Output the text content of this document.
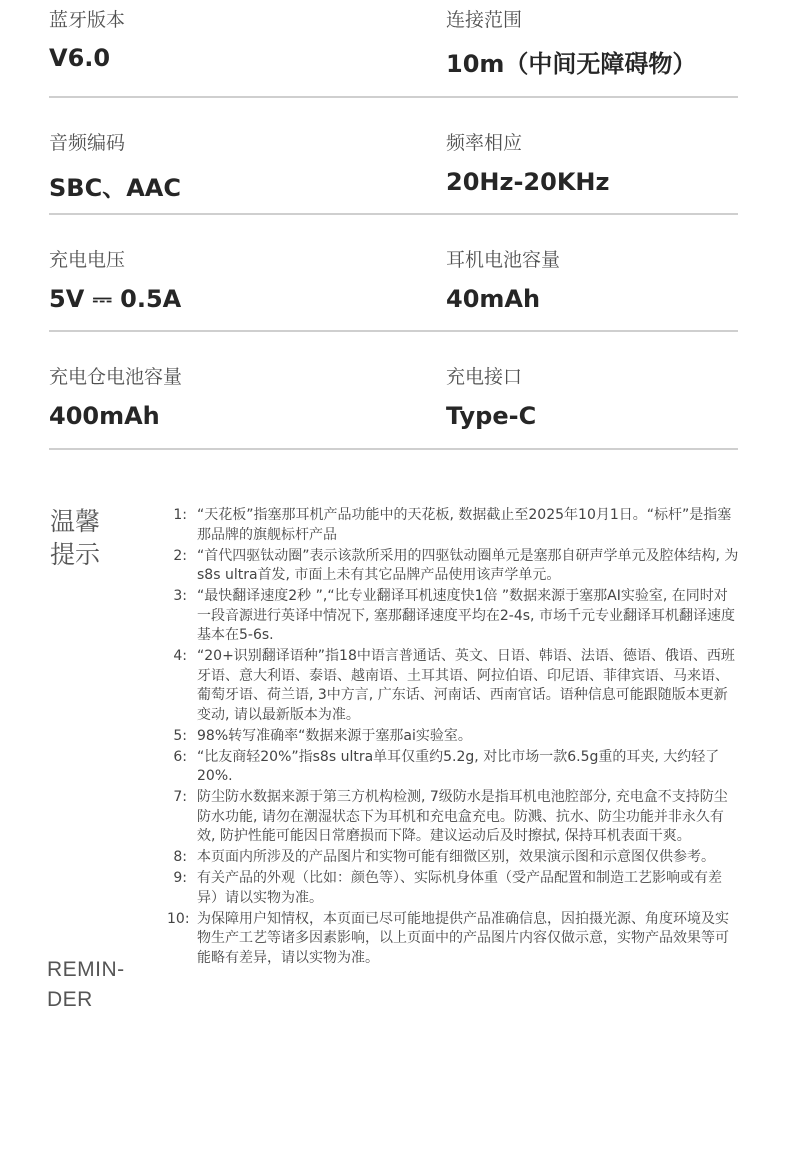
蓝牙版本
V6.0
连接范围
10m（中间无障碍物）
音频编码
SBC、AAC
频率相应
20Hz-20KHz
充电电压
5V ⎓ 0.5A
耳机电池容量
40mAh
充电仓电池容量
400mAh
充电接口
Type-C
温馨
提示
REMIN-
DER
1: “天花板”指塞那耳机产品功能中的天花板, 数据截止至2025年10月1日。“标杆”是指塞那品牌的旗舰标杆产品
2: “首代四驱钛动圈”表示该款所采用的四驱钛动圈单元是塞那自研声学单元及腔体结构, 为s8s ultra首发, 市面上未有其它品牌产品使用该声学单元。
3: “最快翻译速度2秒 ”,“比专业翻译耳机速度快1倍 ”数据来源于塞那AI实验室, 在同时对一段音源进行英译中情况下, 塞那翻译速度平均在2-4s, 市场千元专业翻译耳机翻译速度基本在5-6s.
4: “20+识别翻译语种”指18中语言普通话、英文、日语、韩语、法语、德语、俄语、西班牙语、意大利语、泰语、越南语、土耳其语、阿拉伯语、印尼语、菲律宾语、马来语、葡萄牙语、荷兰语, 3中方言, 广东话、河南话、西南官话。语种信息可能跟随版本更新变动, 请以最新版本为准。
5: 98%转写准确率“数据来源于塞那ai实验室。
6: “比友商轻20%”指s8s ultra单耳仅重约5.2g, 对比市场一款6.5g重的耳夹, 大约轻了20%.
7: 防尘防水数据来源于第三方机构检测, 7级防水是指耳机电池腔部分, 充电盒不支持防尘防水功能, 请勿在潮湿状态下为耳机和充电盒充电。防溅、抗水、防尘功能并非永久有效, 防护性能可能因日常磨损而下降。建议运动后及时擦拭, 保持耳机表面干爽。
8: 本页面内所涉及的产品图片和实物可能有细微区别，效果演示图和示意图仅供参考。
9: 有关产品的外观（比如：颜色等）、实际机身体重（受产品配置和制造工艺影响或有差异）请以实物为准。
10: 为保障用户知情权，本页面已尽可能地提供产品准确信息，因拍摄光源、角度环境及实物生产工艺等诸多因素影响，以上页面中的产品图片内容仅做示意，实物产品效果等可能略有差异，请以实物为准。
